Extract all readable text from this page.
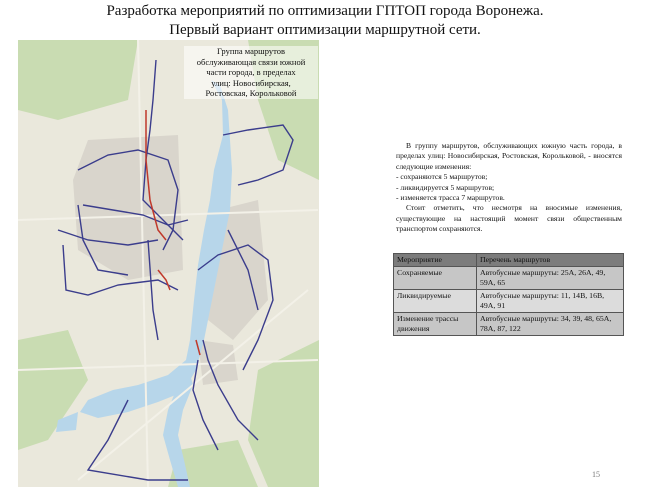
Разработка мероприятий по оптимизации ГПТОП города Воронежа.
Первый вариант оптимизации маршрутной сети.
Группа маршрутов
обслуживающая связи южной
части города, в пределах
улиц: Новосибирская,
Ростовская, Корольковой

В группу маршрутов, обслуживающих южную часть города, в пределах улиц: Новосибирская, Ростовская, Корольковой, - вносятся следующие изменения:

- сохраняются 5 маршрутов;

- ликвидируется 5 маршрутов;

- изменяется трасса 7 маршрутов.

Стоит отметить, что несмотря на вносимые изменения, существующие на настоящий момент связи общественным транспортом сохраняются.

Мероприятие	Перечень маршрутов
Сохраняемые	Автобусные маршруты: 25А, 26А, 49, 59А, 65
Ликвидируемые	Автобусные маршруты: 11, 14В, 16В, 49А, 91
Изменение трассы движения	Автобусные маршруты: 34, 39, 48, 65А, 78А, 87, 122
15
